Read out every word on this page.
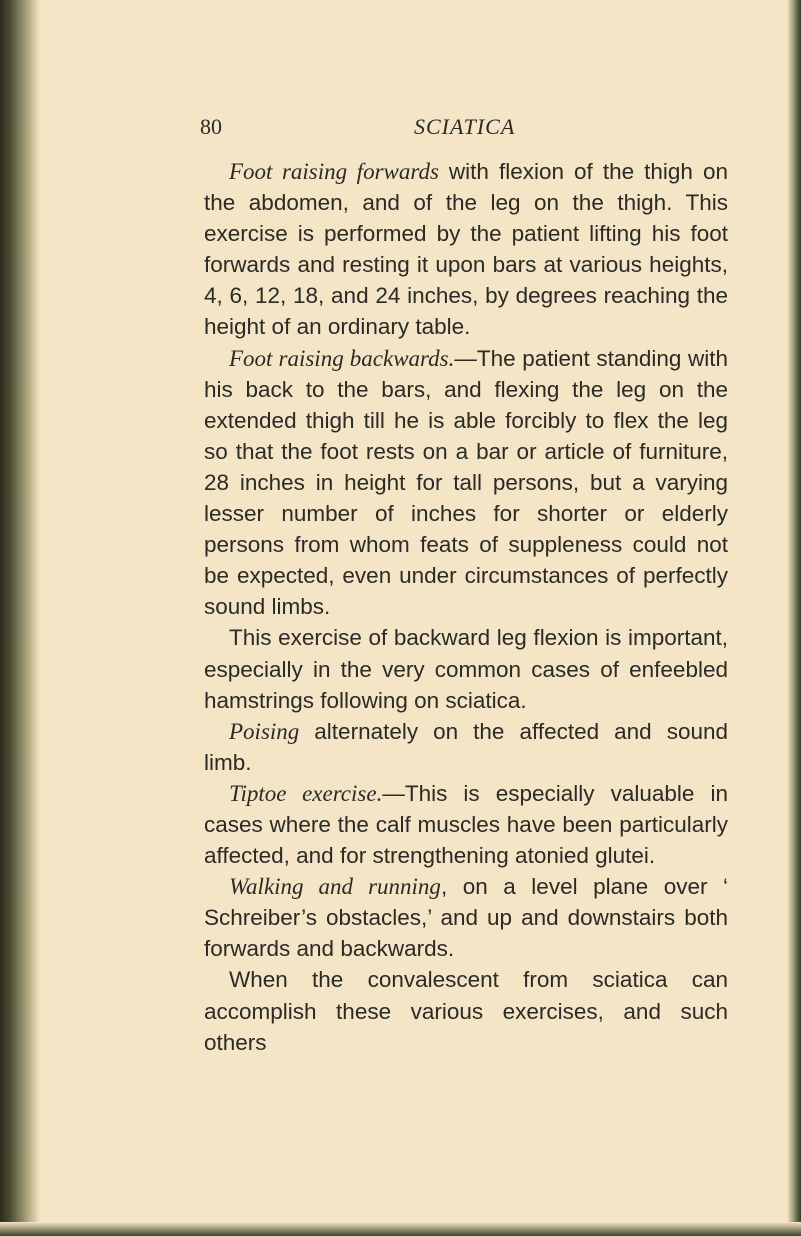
80	SCIATICA

Foot raising forwards with flexion of the thigh on the abdomen, and of the leg on the thigh. This exercise is performed by the patient lifting his foot forwards and resting it upon bars at various heights, 4, 6, 12, 18, and 24 inches, by degrees reaching the height of an ordinary table.

Foot raising backwards.—The patient standing with his back to the bars, and flexing the leg on the extended thigh till he is able forcibly to flex the leg so that the foot rests on a bar or article of furniture, 28 inches in height for tall persons, but a varying lesser number of inches for shorter or elderly persons from whom feats of suppleness could not be expected, even under circumstances of perfectly sound limbs.

This exercise of backward leg flexion is important, especially in the very common cases of enfeebled hamstrings following on sciatica.

Poising alternately on the affected and sound limb.

Tiptoe exercise.—This is especially valuable in cases where the calf muscles have been particularly affected, and for strengthening atonied glutei.

Walking and running, on a level plane over ‘ Schreiber’s obstacles,’ and up and downstairs both forwards and backwards.

When the convalescent from sciatica can accomplish these various exercises, and such others
